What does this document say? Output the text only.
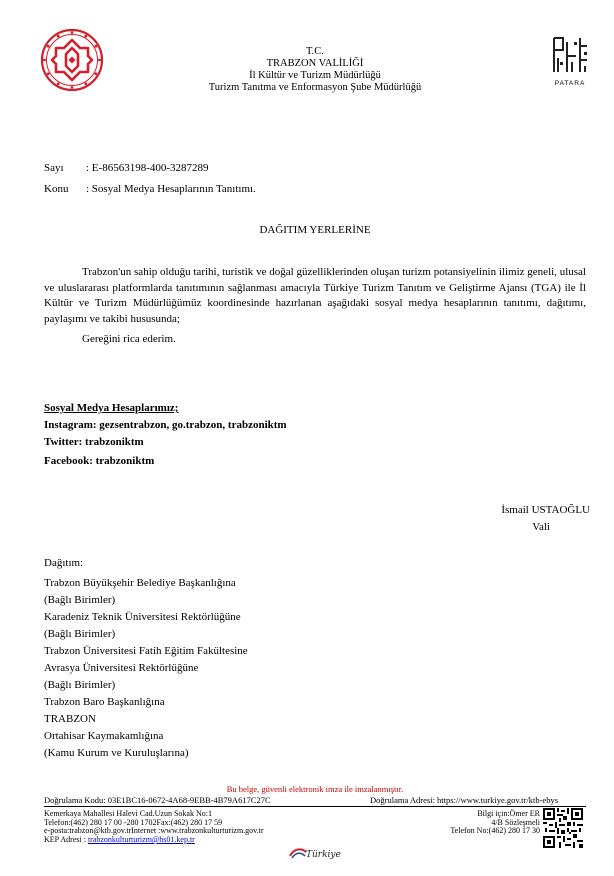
T.C.
TRABZON VALİLİĞİ
İl Kültür ve Turizm Müdürlüğü
Turizm Tanıtma ve Enformasyon Şube Müdürlüğü	PATARA
Sayı : E-86563198-400-3287289
Konu : Sosyal Medya Hesaplarının Tanıtımı.
DAĞITIM YERLERİNE
Trabzon'un sahip olduğu tarihi, turistik ve doğal güzelliklerinden oluşan turizm potansiyelinin ilimiz geneli, ulusal ve uluslararası platformlarda tanıtımının sağlanması amacıyla Türkiye Turizm Tanıtım ve Geliştirme Ajansı (TGA) ile İl Kültür ve Turizm Müdürlüğümüz koordinesinde hazırlanan aşağıdaki sosyal medya hesaplarının tanıtımı, dağıtımı, paylaşımı ve takibi hususunda;
Gereğini rica ederim.
Sosyal Medya Hesaplarımız;
Instagram: gezsentrabzon, go.trabzon, trabzoniktm
Twitter: trabzoniktm
Facebook: trabzoniktm
İsmail USTAOĞLU
Vali
Dağıtım:
Trabzon Büyükşehir Belediye Başkanlığına
(Bağlı Birimler)
Karadeniz Teknik Üniversitesi Rektörlüğüne
(Bağlı Birimler)
Trabzon Üniversitesi Fatih Eğitim Fakültesine
Avrasya Üniversitesi Rektörlüğüne
(Bağlı Birimler)
Trabzon Baro Başkanlığına
TRABZON
Ortahisar Kaymakamlığına
(Kamu Kurum ve Kuruluşlarına)
Bu belge, güvenli elektronik imza ile imzalanmıştır.
Doğrulama Kodu: 03E1BC16-0672-4A68-9EBB-4B79A617C27C	Doğrulama Adresi: https://www.turkiye.gov.tr/ktb-ebys
Kemerkaya Mahallesi Halevi Cad.Uzun Sokak No:1
Telefon:(462) 280 17 00 -280 1702Fax:(462) 280 17 59
e-posta:trabzon@ktb.gov.trInternet :www.trabzonkulturturizm.gov.tr
KEP Adresi : trabzonkulturturizm@hs01.kep.tr
Bilgi için:Ömer ER
4/B Sözleşmeli
Telefon No:(462) 280 17 30
Türkiye
